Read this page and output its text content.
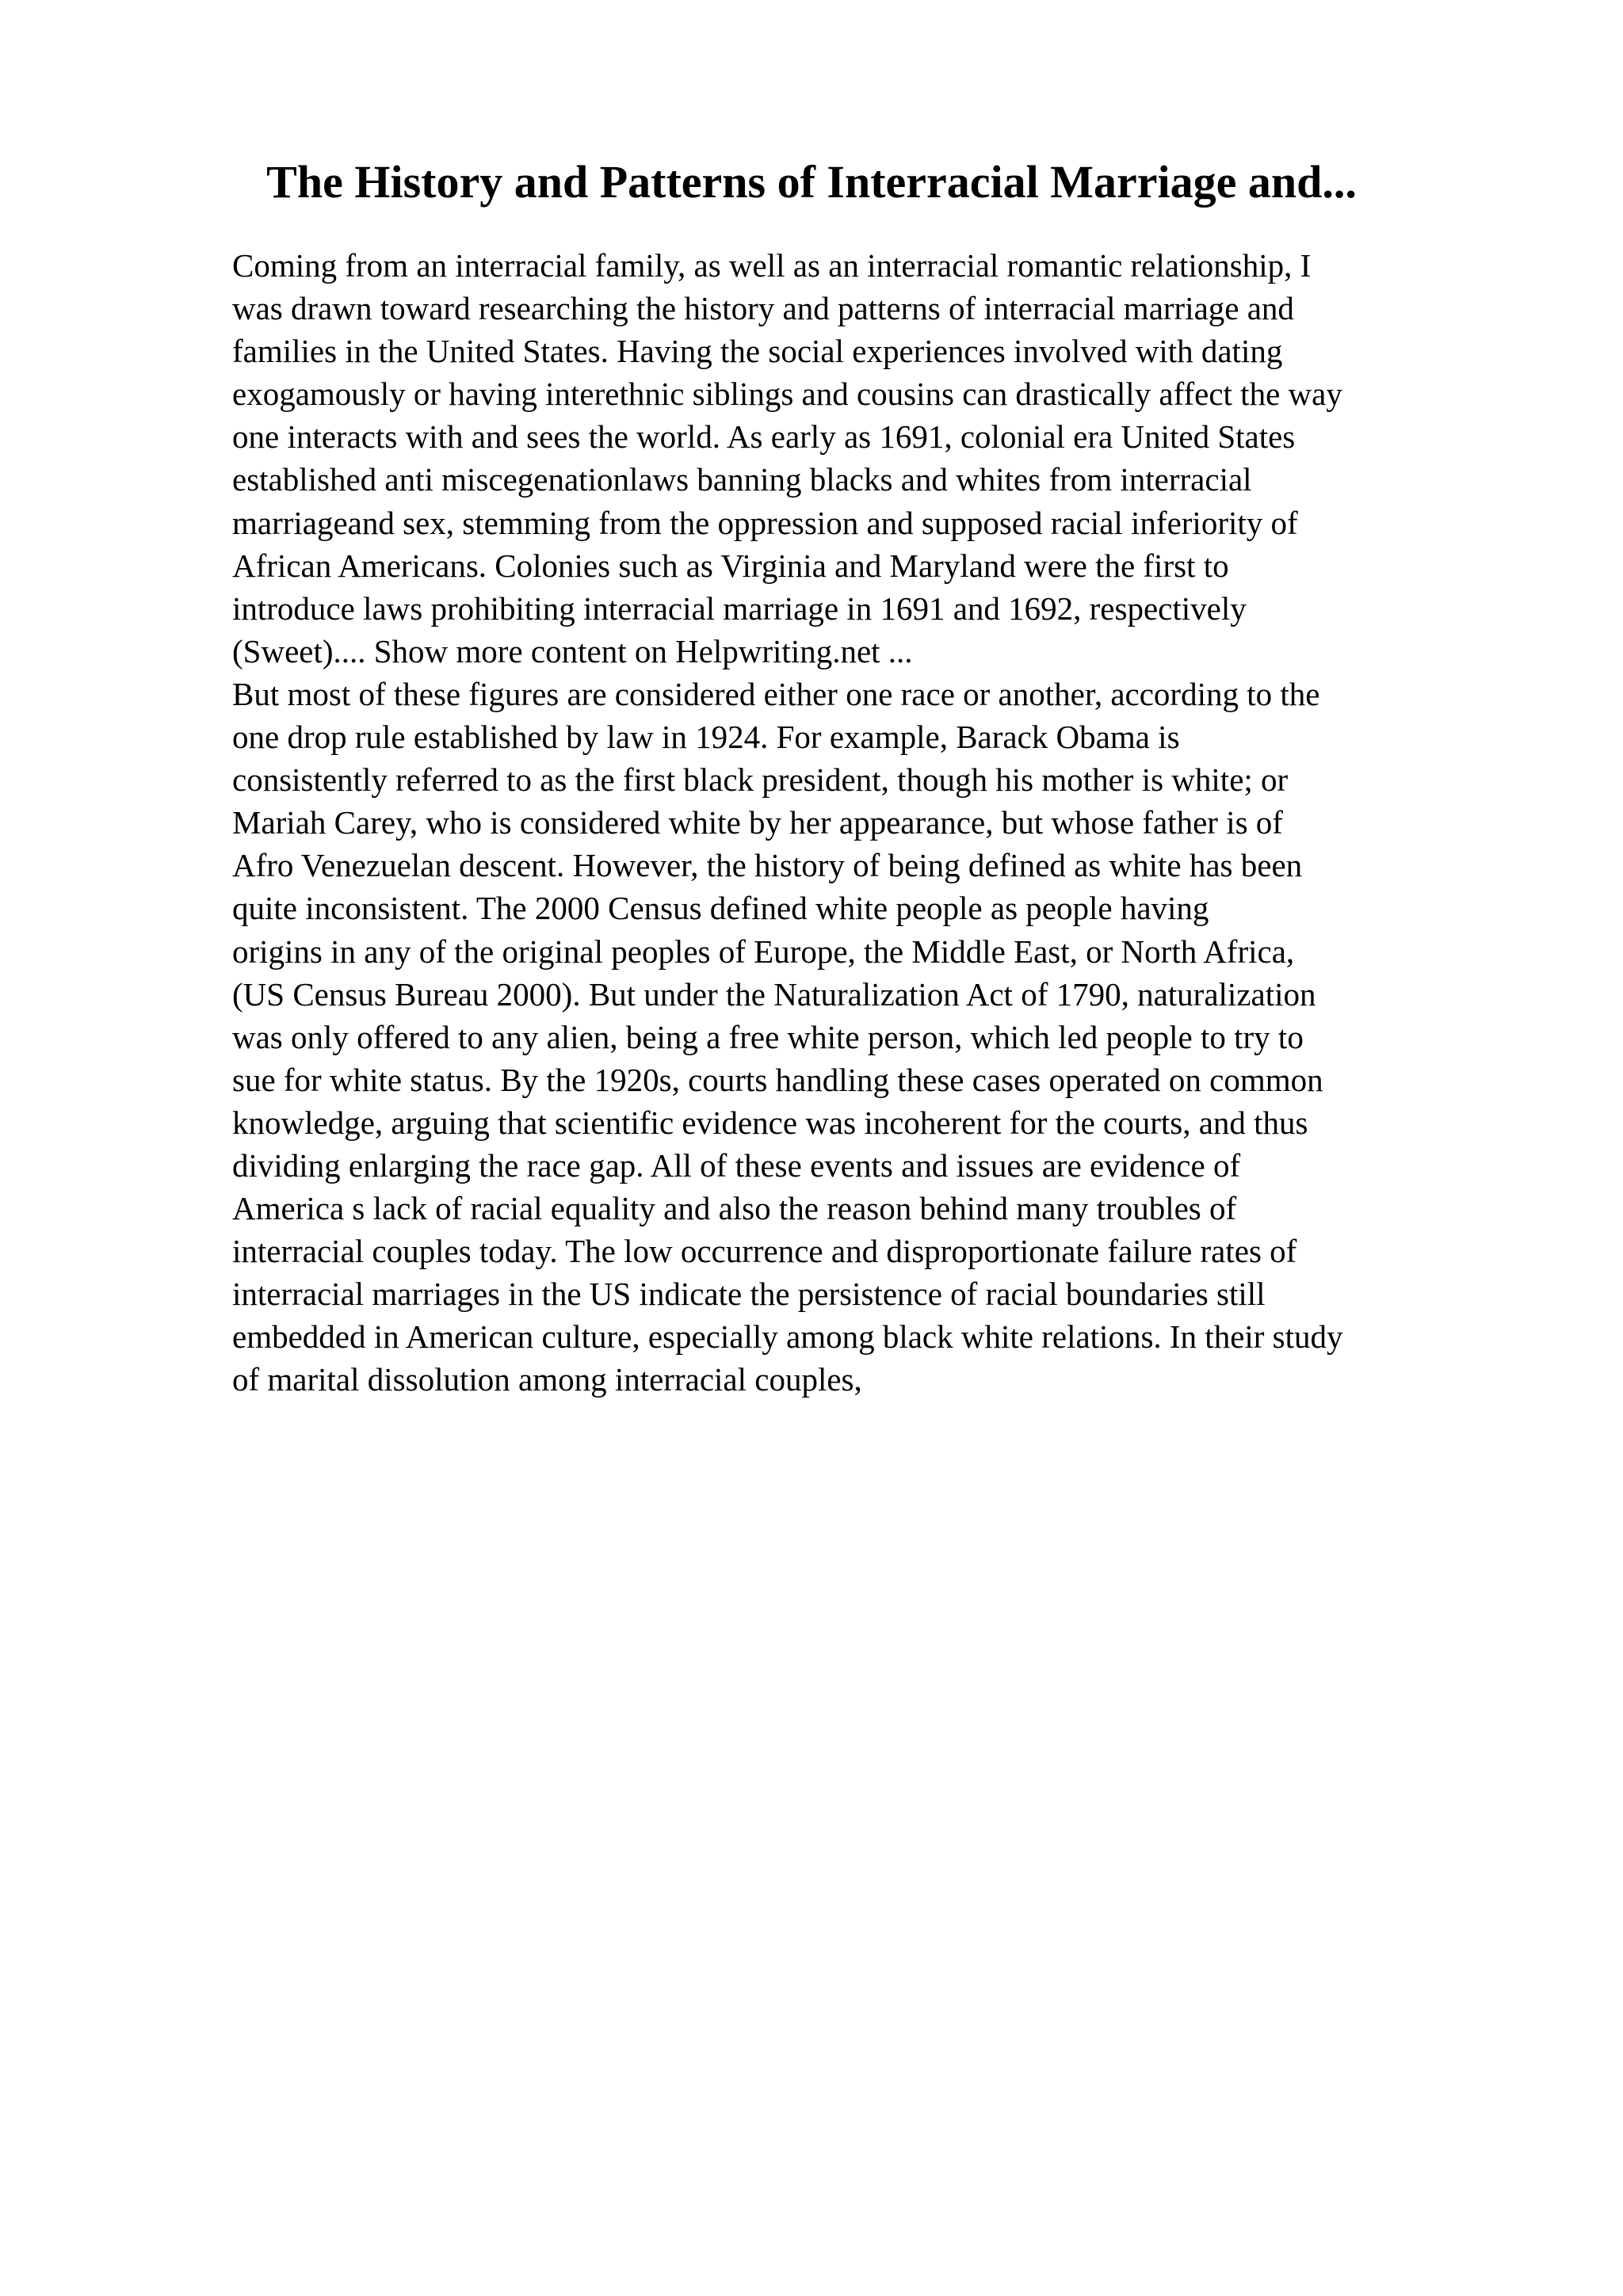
The History and Patterns of Interracial Marriage and...
Coming from an interracial family, as well as an interracial romantic relationship, I
was drawn toward researching the history and patterns of interracial marriage and
families in the United States. Having the social experiences involved with dating
exogamously or having interethnic siblings and cousins can drastically affect the way
one interacts with and sees the world. As early as 1691, colonial era United States
established anti miscegenationlaws banning blacks and whites from interracial
marriageand sex, stemming from the oppression and supposed racial inferiority of
African Americans. Colonies such as Virginia and Maryland were the first to
introduce laws prohibiting interracial marriage in 1691 and 1692, respectively
(Sweet).... Show more content on Helpwriting.net ...
But most of these figures are considered either one race or another, according to the
one drop rule established by law in 1924. For example, Barack Obama is
consistently referred to as the first black president, though his mother is white; or
Mariah Carey, who is considered white by her appearance, but whose father is of
Afro Venezuelan descent. However, the history of being defined as white has been
quite inconsistent. The 2000 Census defined white people as people having
origins in any of the original peoples of Europe, the Middle East, or North Africa,
(US Census Bureau 2000). But under the Naturalization Act of 1790, naturalization
was only offered to any alien, being a free white person, which led people to try to
sue for white status. By the 1920s, courts handling these cases operated on common
knowledge, arguing that scientific evidence was incoherent for the courts, and thus
dividing enlarging the race gap. All of these events and issues are evidence of
America s lack of racial equality and also the reason behind many troubles of
interracial couples today. The low occurrence and disproportionate failure rates of
interracial marriages in the US indicate the persistence of racial boundaries still
embedded in American culture, especially among black white relations. In their study
of marital dissolution among interracial couples,
